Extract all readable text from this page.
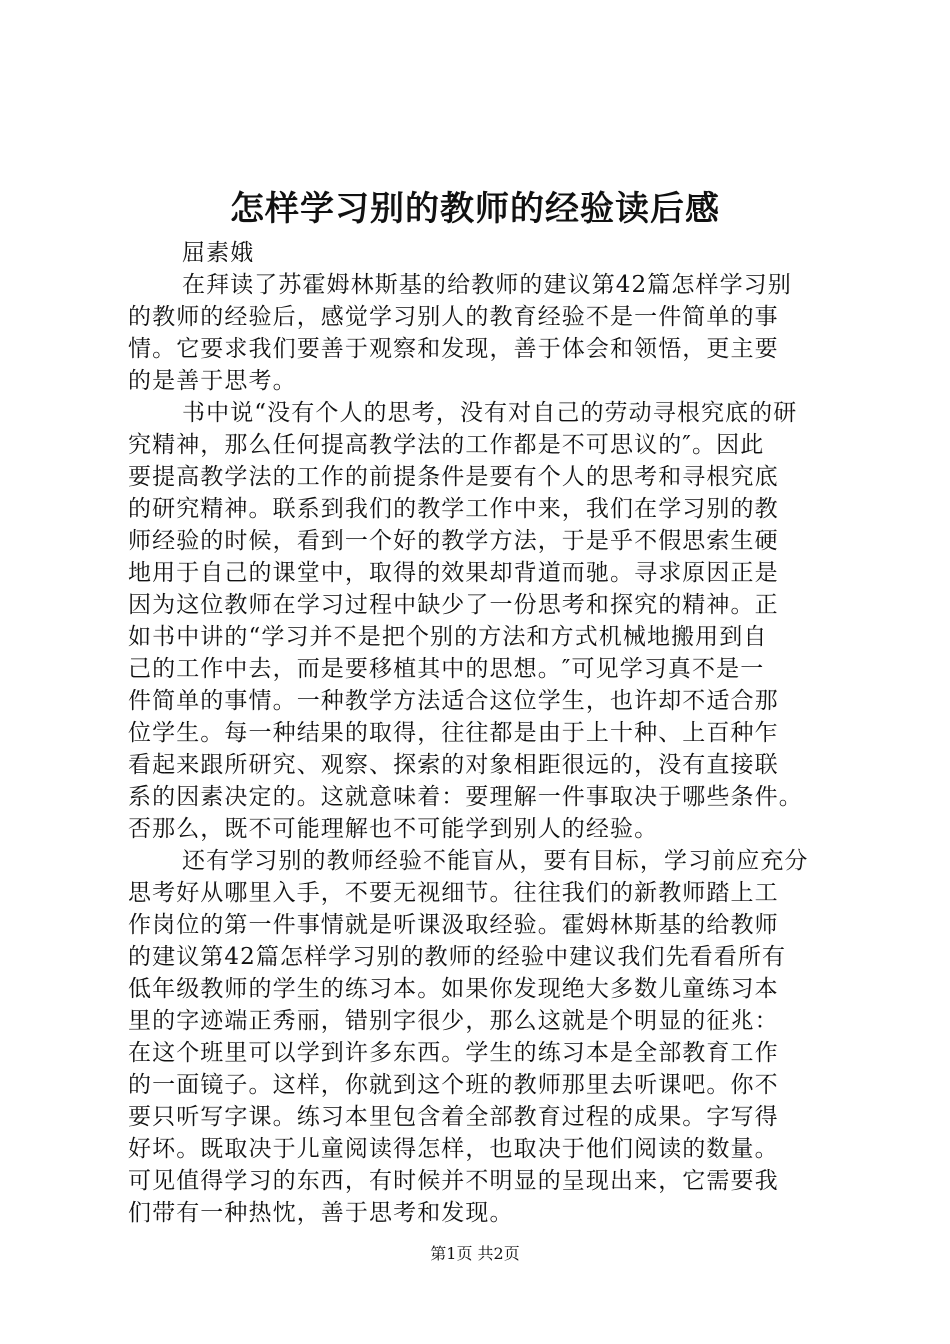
怎样学习别的教师的经验读后感
屈素娥
在拜读了苏霍姆林斯基的给教师的建议第42篇怎样学习别
的教师的经验后，感觉学习别人的教育经验不是一件简单的事
情。它要求我们要善于观察和发现，善于体会和领悟，更主要
的是善于思考。
书中说“没有个人的思考，没有对自己的劳动寻根究底的研
究精神，那么任何提高教学法的工作都是不可思议的″。因此
要提高教学法的工作的前提条件是要有个人的思考和寻根究底
的研究精神。联系到我们的教学工作中来，我们在学习别的教
师经验的时候，看到一个好的教学方法，于是乎不假思索生硬
地用于自己的课堂中，取得的效果却背道而驰。寻求原因正是
因为这位教师在学习过程中缺少了一份思考和探究的精神。正
如书中讲的“学习并不是把个别的方法和方式机械地搬用到自
己的工作中去，而是要移植其中的思想。″可见学习真不是一
件简单的事情。一种教学方法适合这位学生，也许却不适合那
位学生。每一种结果的取得，往往都是由于上十种、上百种乍
看起来跟所研究、观察、探索的对象相距很远的，没有直接联
系的因素决定的。这就意味着：要理解一件事取决于哪些条件。
否那么，既不可能理解也不可能学到别人的经验。
还有学习别的教师经验不能盲从，要有目标，学习前应充分
思考好从哪里入手，不要无视细节。往往我们的新教师踏上工
作岗位的第一件事情就是听课汲取经验。霍姆林斯基的给教师
的建议第42篇怎样学习别的教师的经验中建议我们先看看所有
低年级教师的学生的练习本。如果你发现绝大多数儿童练习本
里的字迹端正秀丽，错别字很少，那么这就是个明显的征兆：
在这个班里可以学到许多东西。学生的练习本是全部教育工作
的一面镜子。这样，你就到这个班的教师那里去听课吧。你不
要只听写字课。练习本里包含着全部教育过程的成果。字写得
好坏。既取决于儿童阅读得怎样，也取决于他们阅读的数量。
可见值得学习的东西，有时候并不明显的呈现出来，它需要我
们带有一种热忱，善于思考和发现。
第1页 共2页
